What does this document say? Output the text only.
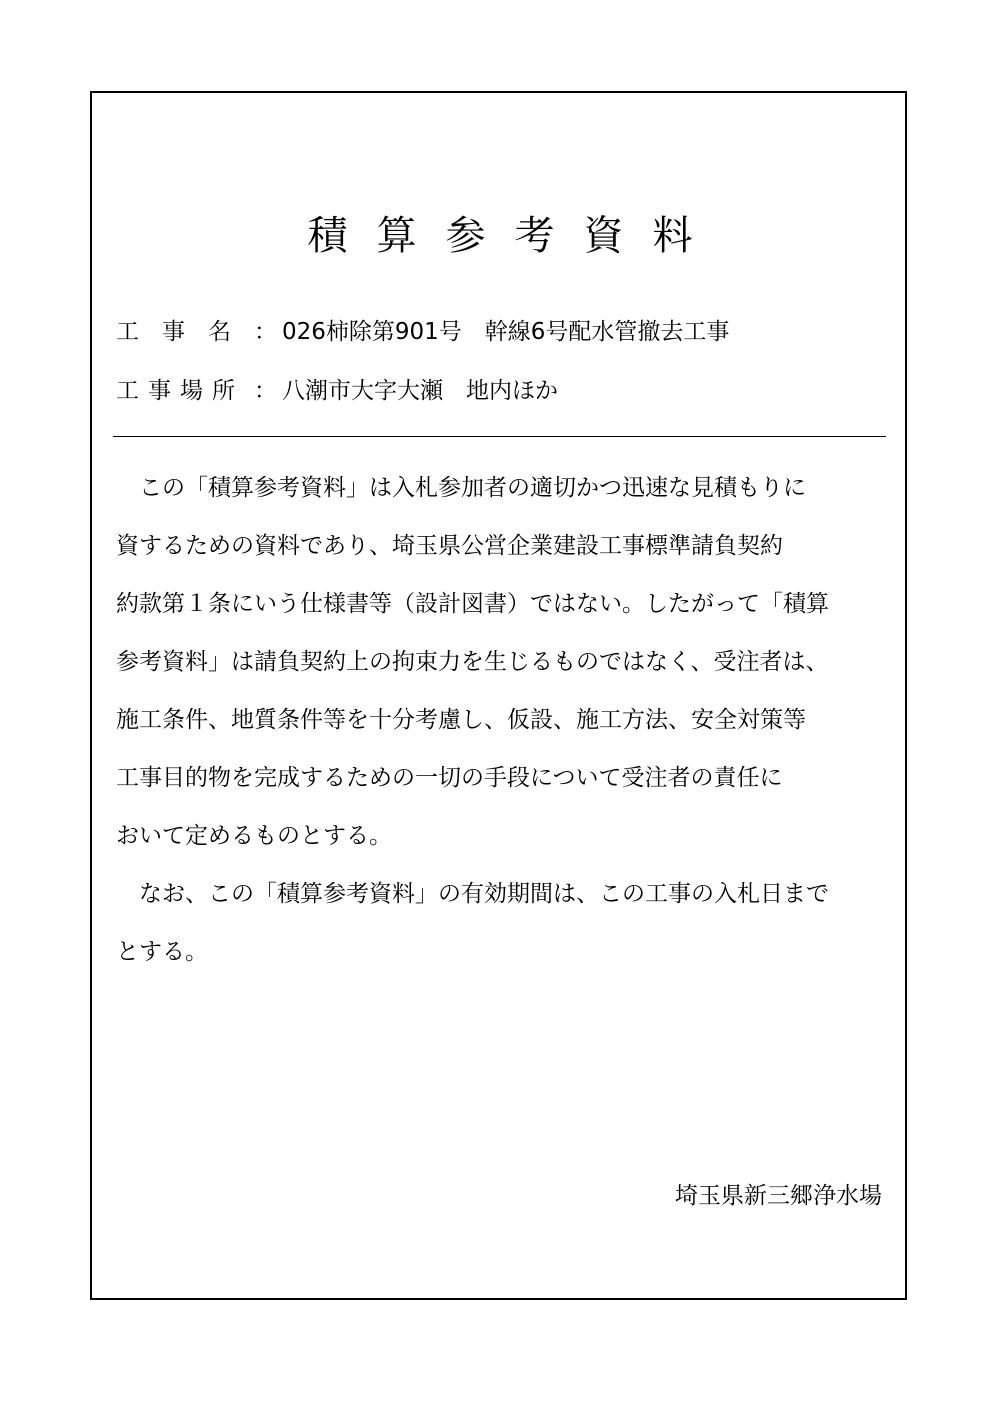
積算参考資料
工　事　名 ： 026柿除第901号　幹線6号配水管撤去工事
工事場所 ： 八潮市大字大瀬　地内ほか
　この「積算参考資料」は入札参加者の適切かつ迅速な見積もりに
資するための資料であり、埼玉県公営企業建設工事標準請負契約
約款第１条にいう仕様書等（設計図書）ではない。したがって「積算
参考資料」は請負契約上の拘束力を生じるものではなく、受注者は、
施工条件、地質条件等を十分考慮し、仮設、施工方法、安全対策等
工事目的物を完成するための一切の手段について受注者の責任に
おいて定めるものとする。
　なお、この「積算参考資料」の有効期間は、この工事の入札日まで
とする。
埼玉県新三郷浄水場
